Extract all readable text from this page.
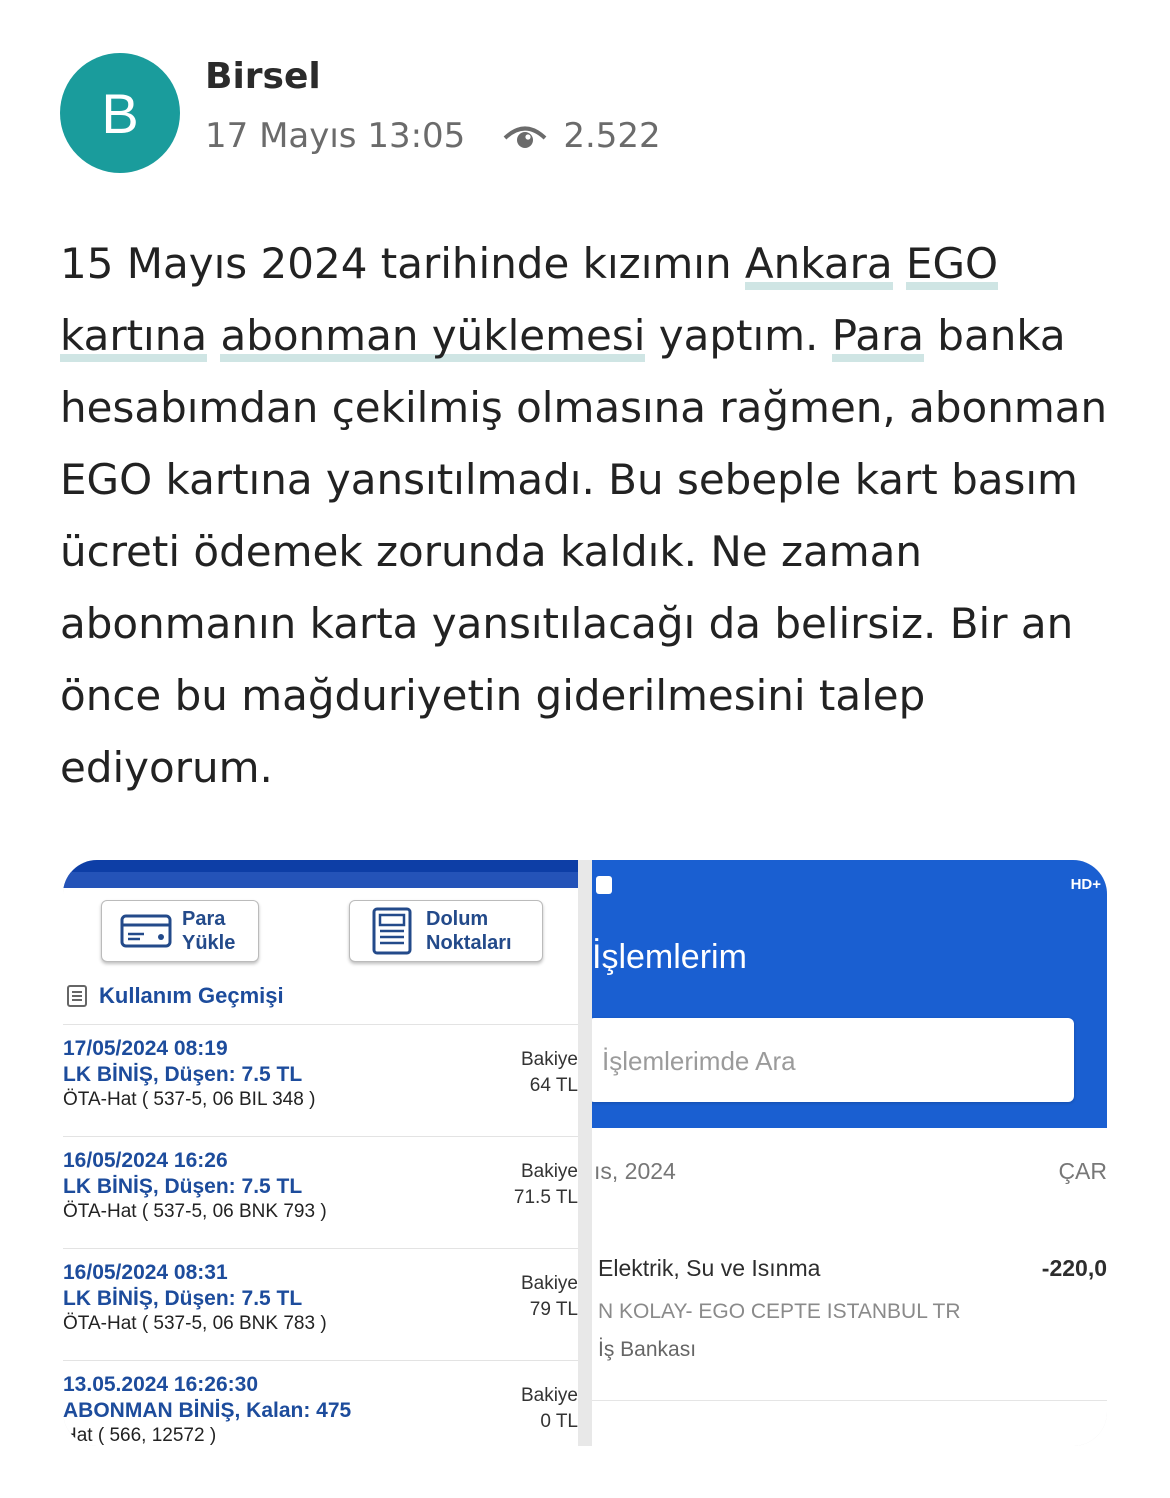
B
Birsel
17 Mayıs 13:05	2.522
15 Mayıs 2024 tarihinde kızımın Ankara EGO kartına abonman yüklemesi yaptım. Para banka hesabımdan çekilmiş olmasına rağmen, abonman EGO kartına yansıtılmadı. Bu sebeple kart basım ücreti ödemek zorunda kaldık. Ne zaman abonmanın karta yansıtılacağı da belirsiz. Bir an önce bu mağduriyetin giderilmesini talep ediyorum.
Para
Yükle
Dolum
Noktaları
Kullanım Geçmişi
17/05/2024 08:19
LK BİNİŞ, Düşen: 7.5 TL
ÖTA-Hat ( 537-5, 06 BIL 348 )
Bakiye
64 TL
16/05/2024 16:26
LK BİNİŞ, Düşen: 7.5 TL
ÖTA-Hat ( 537-5, 06 BNK 793 )
Bakiye
71.5 TL
16/05/2024 08:31
LK BİNİŞ, Düşen: 7.5 TL
ÖTA-Hat ( 537-5, 06 BNK 783 )
Bakiye
79 TL
13.05.2024 16:26:30
ABONMAN BİNİŞ, Kalan: 475
Hat ( 566, 12572 )
Bakiye
0 TL
HD+
İşlemlerim
İşlemlerimde Ara
ıs, 2024	ÇAR
Elektrik, Su ve Isınma	-220,0
N KOLAY- EGO CEPTE ISTANBUL TR
İş Bankası
